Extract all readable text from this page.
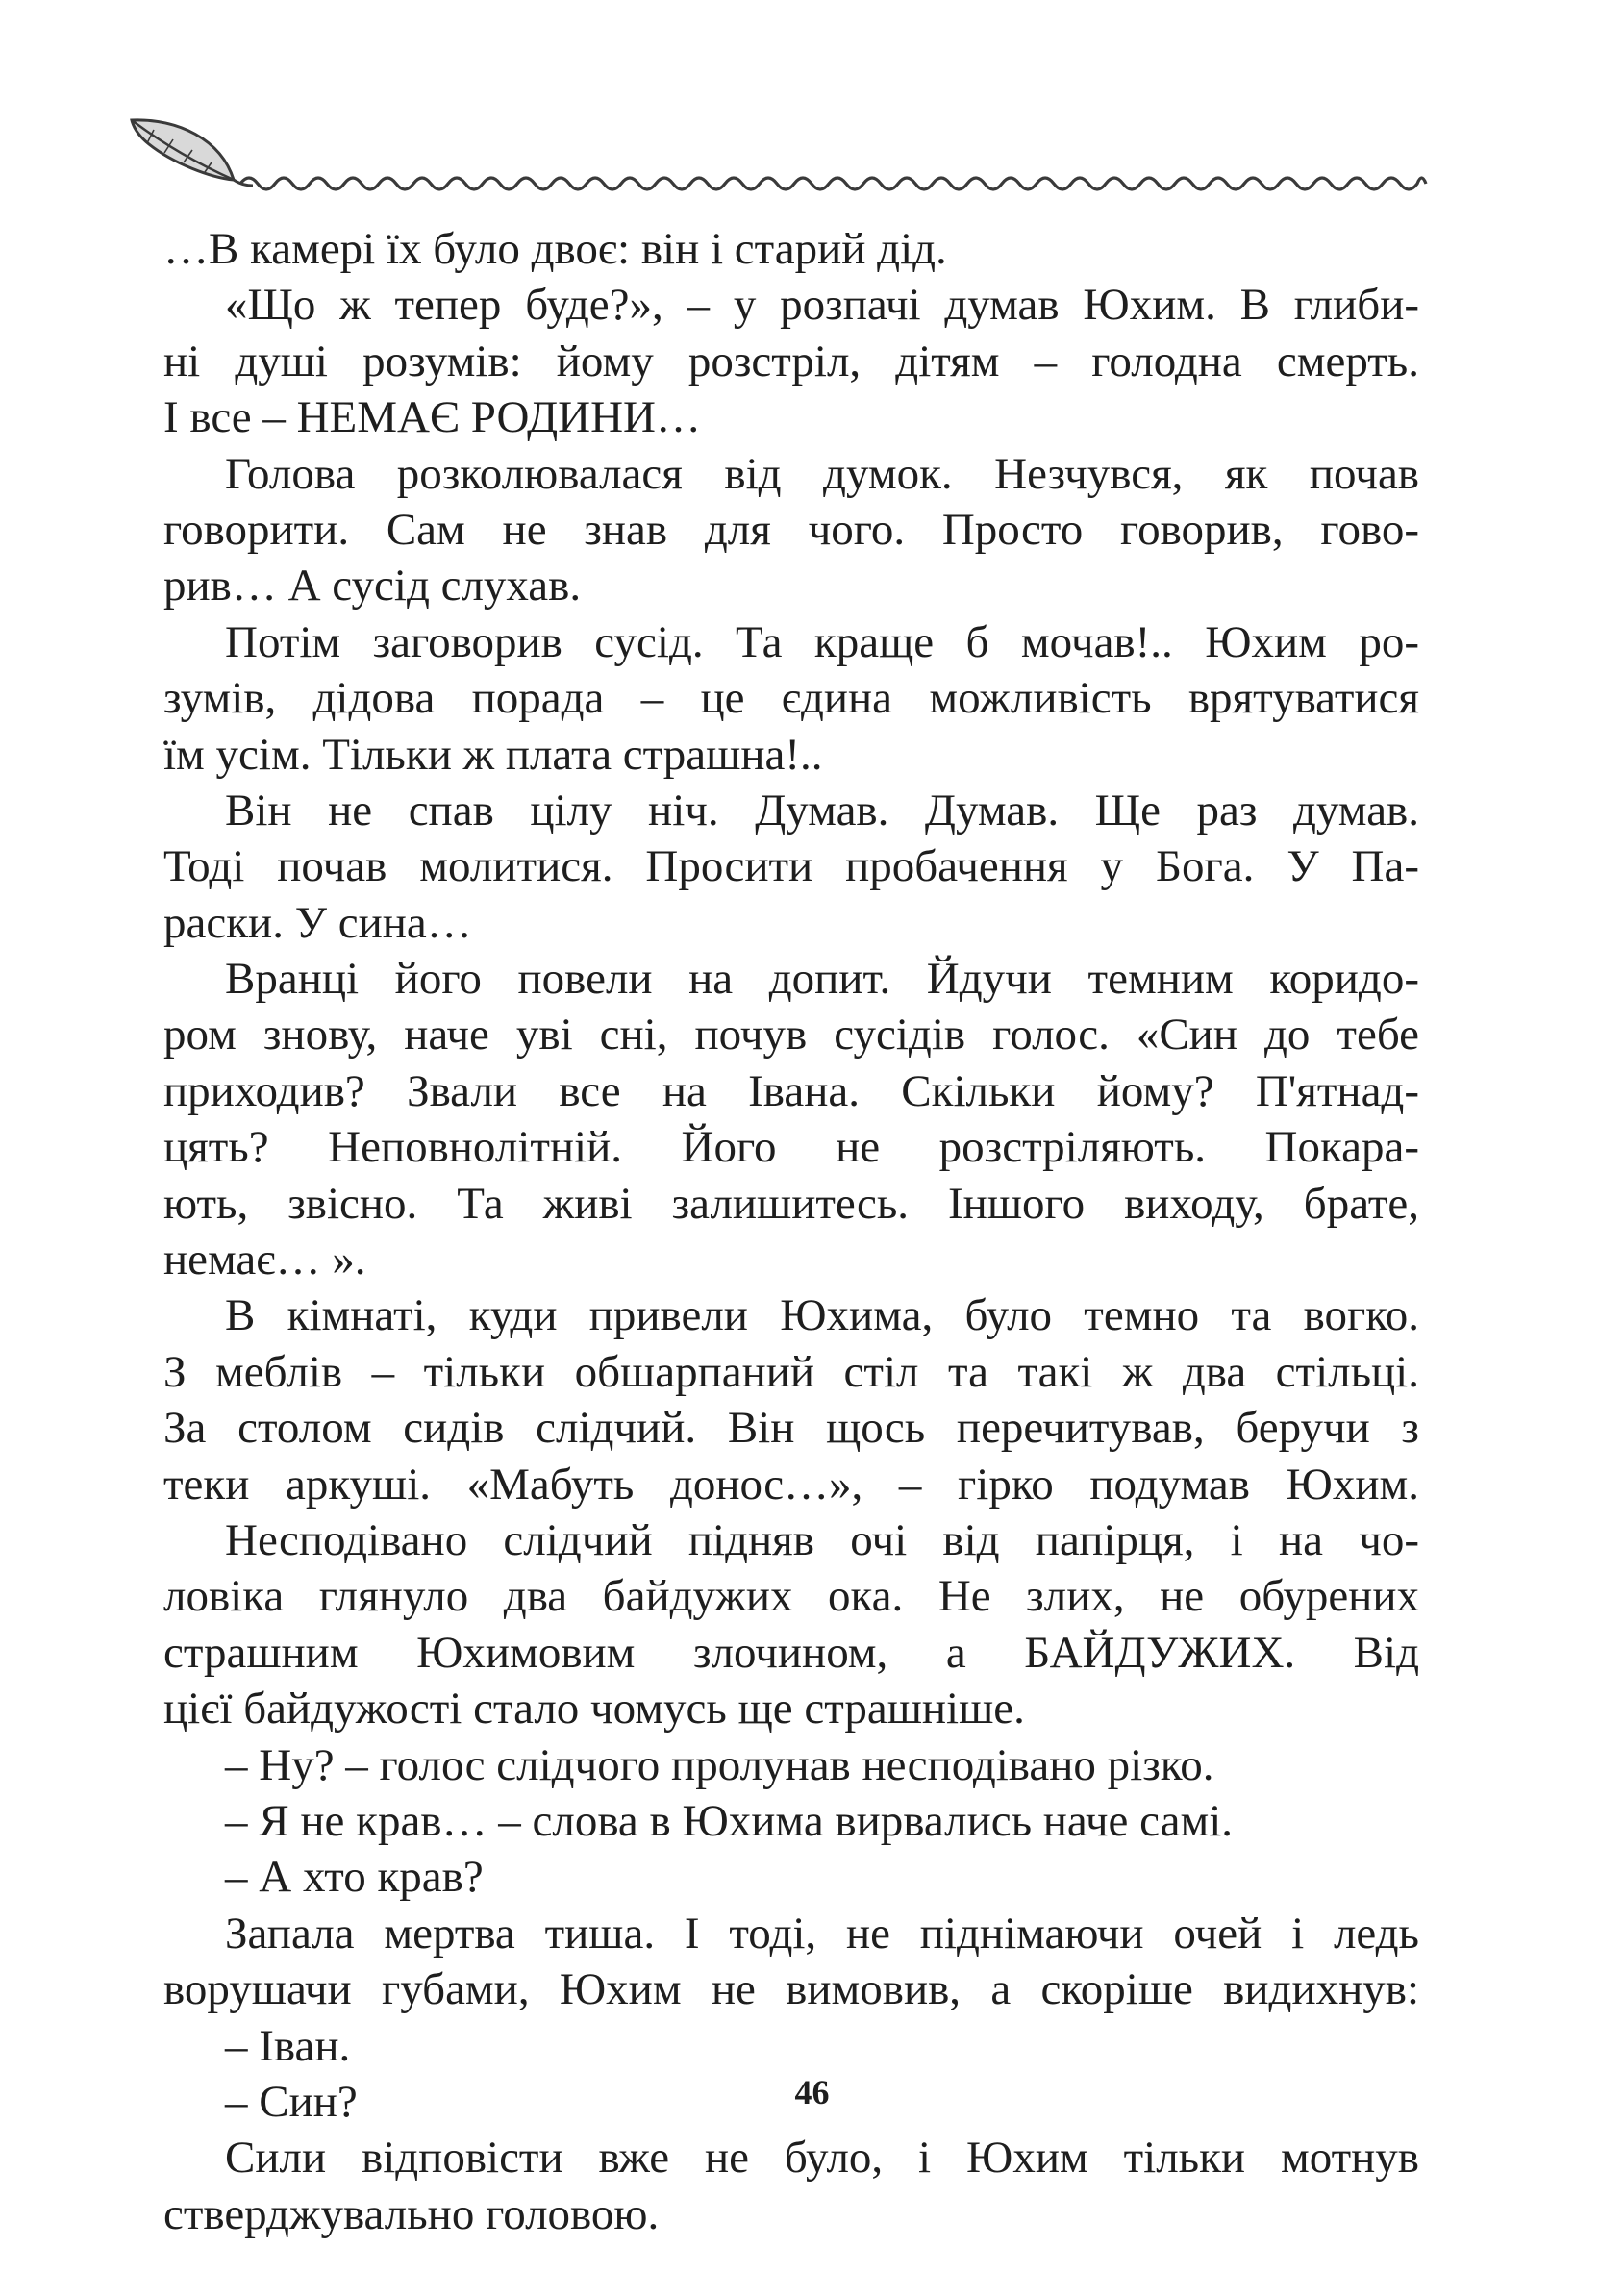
…В камері їх було двоє: він і старий дід.
«Що ж тепер буде?», – у розпачі думав Юхим. В глиби-
ні душі розумів: йому розстріл, дітям – голодна смерть.
І все – НЕМАЄ РОДИНИ…
Голова розколювалася від думок. Незчувся, як почав
говорити. Сам не знав для чого. Просто говорив, гово-
рив… А сусід слухав.
Потім заговорив сусід. Та краще б мочав!.. Юхим ро-
зумів, дідова порада – це єдина можливість врятуватися
їм усім. Тільки ж плата страшна!..
Він не спав цілу ніч. Думав. Думав. Ще раз думав.
Тоді почав молитися. Просити пробачення у Бога. У Па-
раски. У сина…
Вранці його повели на допит. Йдучи темним коридо-
ром знову, наче уві сні, почув сусідів голос. «Син до тебе
приходив? Звали все на Івана. Скільки йому? П'ятнад-
цять? Неповнолітній. Його не розстріляють. Покара-
ють, звісно. Та живі залишитесь. Іншого виходу, брате,
немає… ».
В кімнаті, куди привели Юхима, було темно та вогко.
З меблів – тільки обшарпаний стіл та такі ж два стільці.
За столом сидів слідчий. Він щось перечитував, беручи з
теки аркуші. «Мабуть донос…», – гірко подумав Юхим.
Несподівано слідчий підняв очі від папірця, і на чо-
ловіка глянуло два байдужих ока. Не злих, не обурених
страшним Юхимовим злочином, а БАЙДУЖИХ. Від
цієї байдужості стало чомусь ще страшніше.
– Ну? – голос слідчого пролунав несподівано різко.
– Я не крав… – слова в Юхима вирвались наче самі.
– А хто крав?
Запала мертва тиша. І тоді, не піднімаючи очей і ледь
ворушачи губами, Юхим не вимовив, а скоріше видихнув:
– Іван.
– Син?
Сили відповісти вже не було, і Юхим тільки мотнув
стверджувально головою.
46
